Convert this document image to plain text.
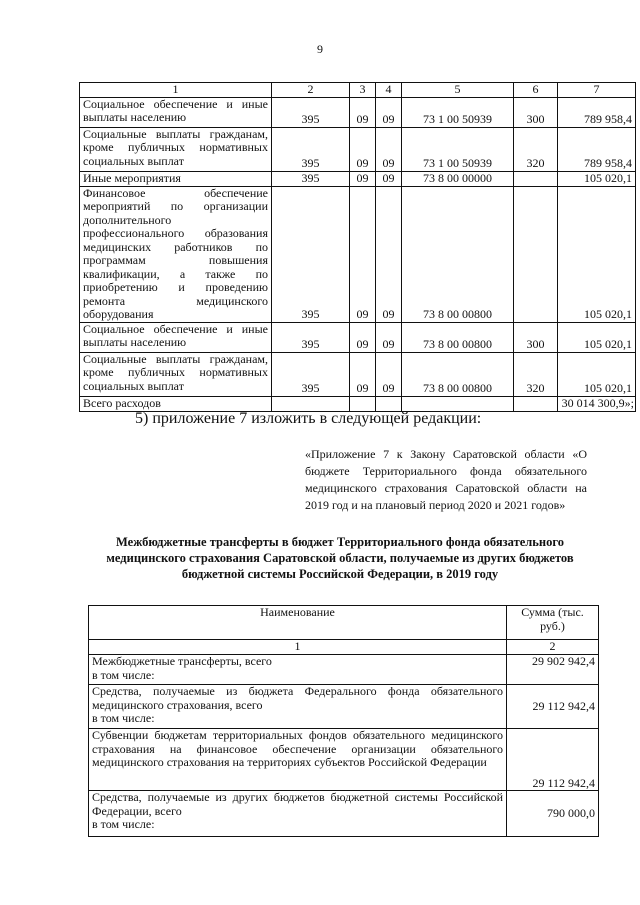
9
1	2	3	4	5	6	7
Социальное обеспечение и иные выплаты населению	395	09	09	73 1 00 50939	300	789 958,4
Социальные выплаты гражданам, кроме публичных нормативных социальных выплат	395	09	09	73 1 00 50939	320	789 958,4
Иные мероприятия	395	09	09	73 8 00 00000		105 020,1
Финансовое обеспечение мероприятий по организации дополнительного профессионального образования медицинских работников по программам повышения квалификации, а также по приобретению и проведению ремонта медицинского оборудования	395	09	09	73 8 00 00800		105 020,1
Социальное обеспечение и иные выплаты населению	395	09	09	73 8 00 00800	300	105 020,1
Социальные выплаты гражданам, кроме публичных нормативных социальных выплат	395	09	09	73 8 00 00800	320	105 020,1
Всего расходов						30 014 300,9»;
5) приложение 7 изложить в следующей редакции:
«Приложение 7 к Закону Саратовской области «О бюджете Территориального фонда обязательного медицинского страхования Саратовской области на 2019 год и на плановый период 2020 и 2021 годов»
Межбюджетные трансферты в бюджет Территориального фонда обязательного медицинского страхования Саратовской области, получаемые из других бюджетов бюджетной системы Российской Федерации, в 2019 году
Наименование	Сумма (тыс. руб.)
1	2

Межбюджетные трансферты, всего
в том числе:	29 902 942,4

Средства, получаемые из бюджета Федерального фонда обязательного медицинского страхования, всего
в том числе:	29 112 942,4
Субвенции бюджетам территориальных фондов обязательного медицинского страхования на финансовое обеспечение организации обязательного медицинского страхования на территориях субъектов Российской Федерации	29 112 942,4

Средства, получаемые из других бюджетов бюджетной системы Российской Федерации, всего
в том числе:	790 000,0
